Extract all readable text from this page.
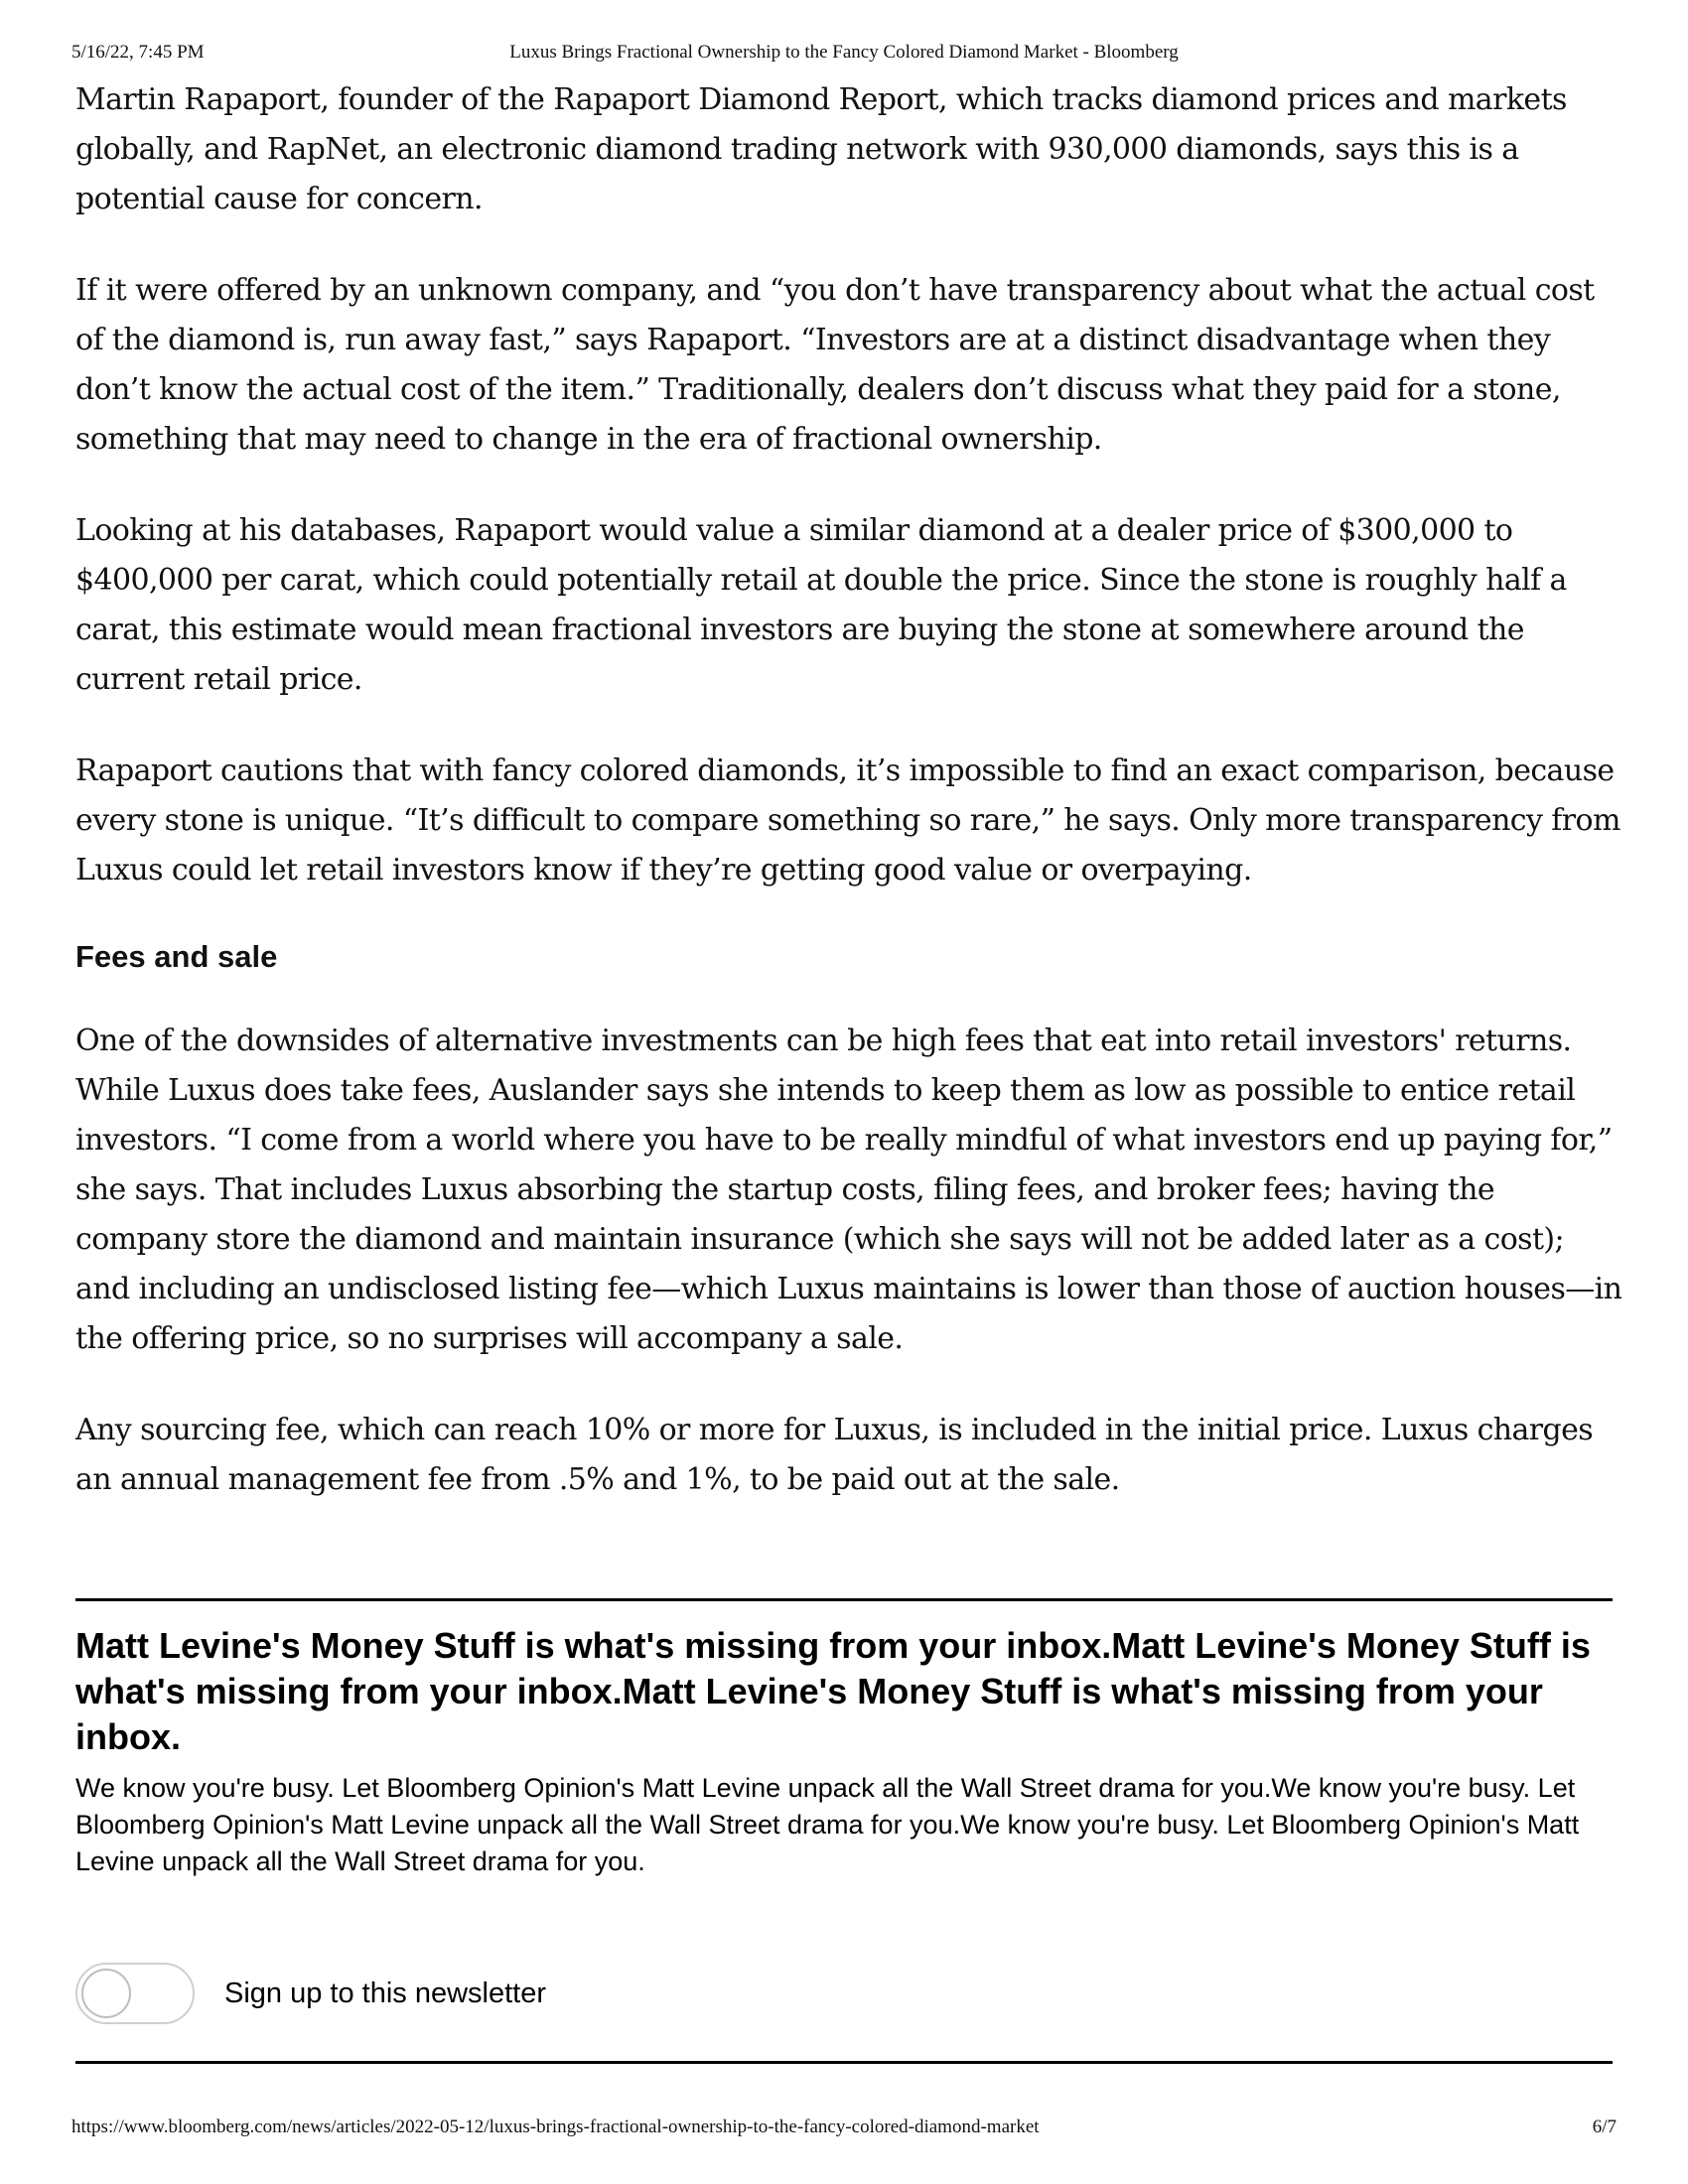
5/16/22, 7:45 PM	Luxus Brings Fractional Ownership to the Fancy Colored Diamond Market - Bloomberg

Martin Rapaport, founder of the Rapaport Diamond Report, which tracks diamond prices and markets globally, and RapNet, an electronic diamond trading network with 930,000 diamonds, says this is a potential cause for concern.

If it were offered by an unknown company, and “you don’t have transparency about what the actual cost of the diamond is, run away fast,” says Rapaport. “Investors are at a distinct disadvantage when they don’t know the actual cost of the item.” Traditionally, dealers don’t discuss what they paid for a stone, something that may need to change in the era of fractional ownership.

Looking at his databases, Rapaport would value a similar diamond at a dealer price of $300,000 to $400,000 per carat, which could potentially retail at double the price. Since the stone is roughly half a carat, this estimate would mean fractional investors are buying the stone at somewhere around the current retail price.

Rapaport cautions that with fancy colored diamonds, it’s impossible to find an exact comparison, because every stone is unique. “It’s difficult to compare something so rare,” he says. Only more transparency from Luxus could let retail investors know if they’re getting good value or overpaying.

Fees and sale

One of the downsides of alternative investments can be high fees that eat into retail investors' returns. While Luxus does take fees, Auslander says she intends to keep them as low as possible to entice retail investors. “I come from a world where you have to be really mindful of what investors end up paying for,” she says. That includes Luxus absorbing the startup costs, filing fees, and broker fees; having the company store the diamond and maintain insurance (which she says will not be added later as a cost); and including an undisclosed listing fee—which Luxus maintains is lower than those of auction houses—in the offering price, so no surprises will accompany a sale.

Any sourcing fee, which can reach 10% or more for Luxus, is included in the initial price. Luxus charges an annual management fee from .5% and 1%, to be paid out at the sale.

Matt Levine's Money Stuff is what's missing from your inbox.Matt Levine's Money Stuff is what's missing from your inbox.Matt Levine's Money Stuff is what's missing from your inbox.

We know you're busy. Let Bloomberg Opinion's Matt Levine unpack all the Wall Street drama for you.We know you're busy. Let Bloomberg Opinion's Matt Levine unpack all the Wall Street drama for you.We know you're busy. Let Bloomberg Opinion's Matt Levine unpack all the Wall Street drama for you.

Sign up to this newsletter
https://www.bloomberg.com/news/articles/2022-05-12/luxus-brings-fractional-ownership-to-the-fancy-colored-diamond-market	6/7
